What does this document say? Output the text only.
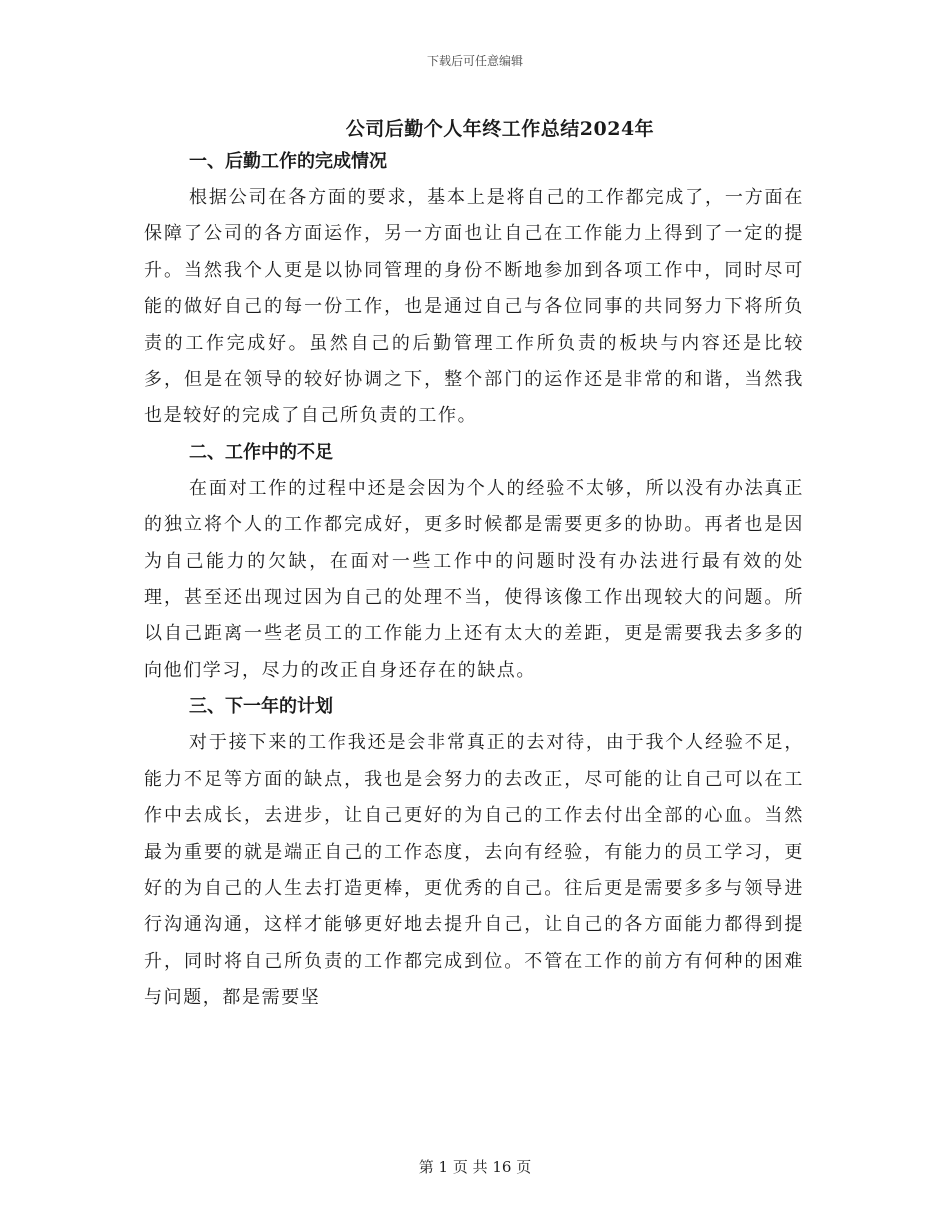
下载后可任意编辑
公司后勤个人年终工作总结2024年
一、后勤工作的完成情况
根据公司在各方面的要求，基本上是将自己的工作都完成了，一方面在保障了公司的各方面运作，另一方面也让自己在工作能力上得到了一定的提升。当然我个人更是以协同管理的身份不断地参加到各项工作中，同时尽可能的做好自己的每一份工作，也是通过自己与各位同事的共同努力下将所负责的工作完成好。虽然自己的后勤管理工作所负责的板块与内容还是比较多，但是在领导的较好协调之下，整个部门的运作还是非常的和谐，当然我也是较好的完成了自己所负责的工作。
二、工作中的不足
在面对工作的过程中还是会因为个人的经验不太够，所以没有办法真正的独立将个人的工作都完成好，更多时候都是需要更多的协助。再者也是因为自己能力的欠缺，在面对一些工作中的问题时没有办法进行最有效的处理，甚至还出现过因为自己的处理不当，使得该像工作出现较大的问题。所以自己距离一些老员工的工作能力上还有太大的差距，更是需要我去多多的向他们学习，尽力的改正自身还存在的缺点。
三、下一年的计划
对于接下来的工作我还是会非常真正的去对待，由于我个人经验不足，能力不足等方面的缺点，我也是会努力的去改正，尽可能的让自己可以在工作中去成长，去进步，让自己更好的为自己的工作去付出全部的心血。当然最为重要的就是端正自己的工作态度，去向有经验，有能力的员工学习，更好的为自己的人生去打造更棒，更优秀的自己。往后更是需要多多与领导进行沟通沟通，这样才能够更好地去提升自己，让自己的各方面能力都得到提升，同时将自己所负责的工作都完成到位。不管在工作的前方有何种的困难与问题，都是需要坚
第 1 页 共 16 页
